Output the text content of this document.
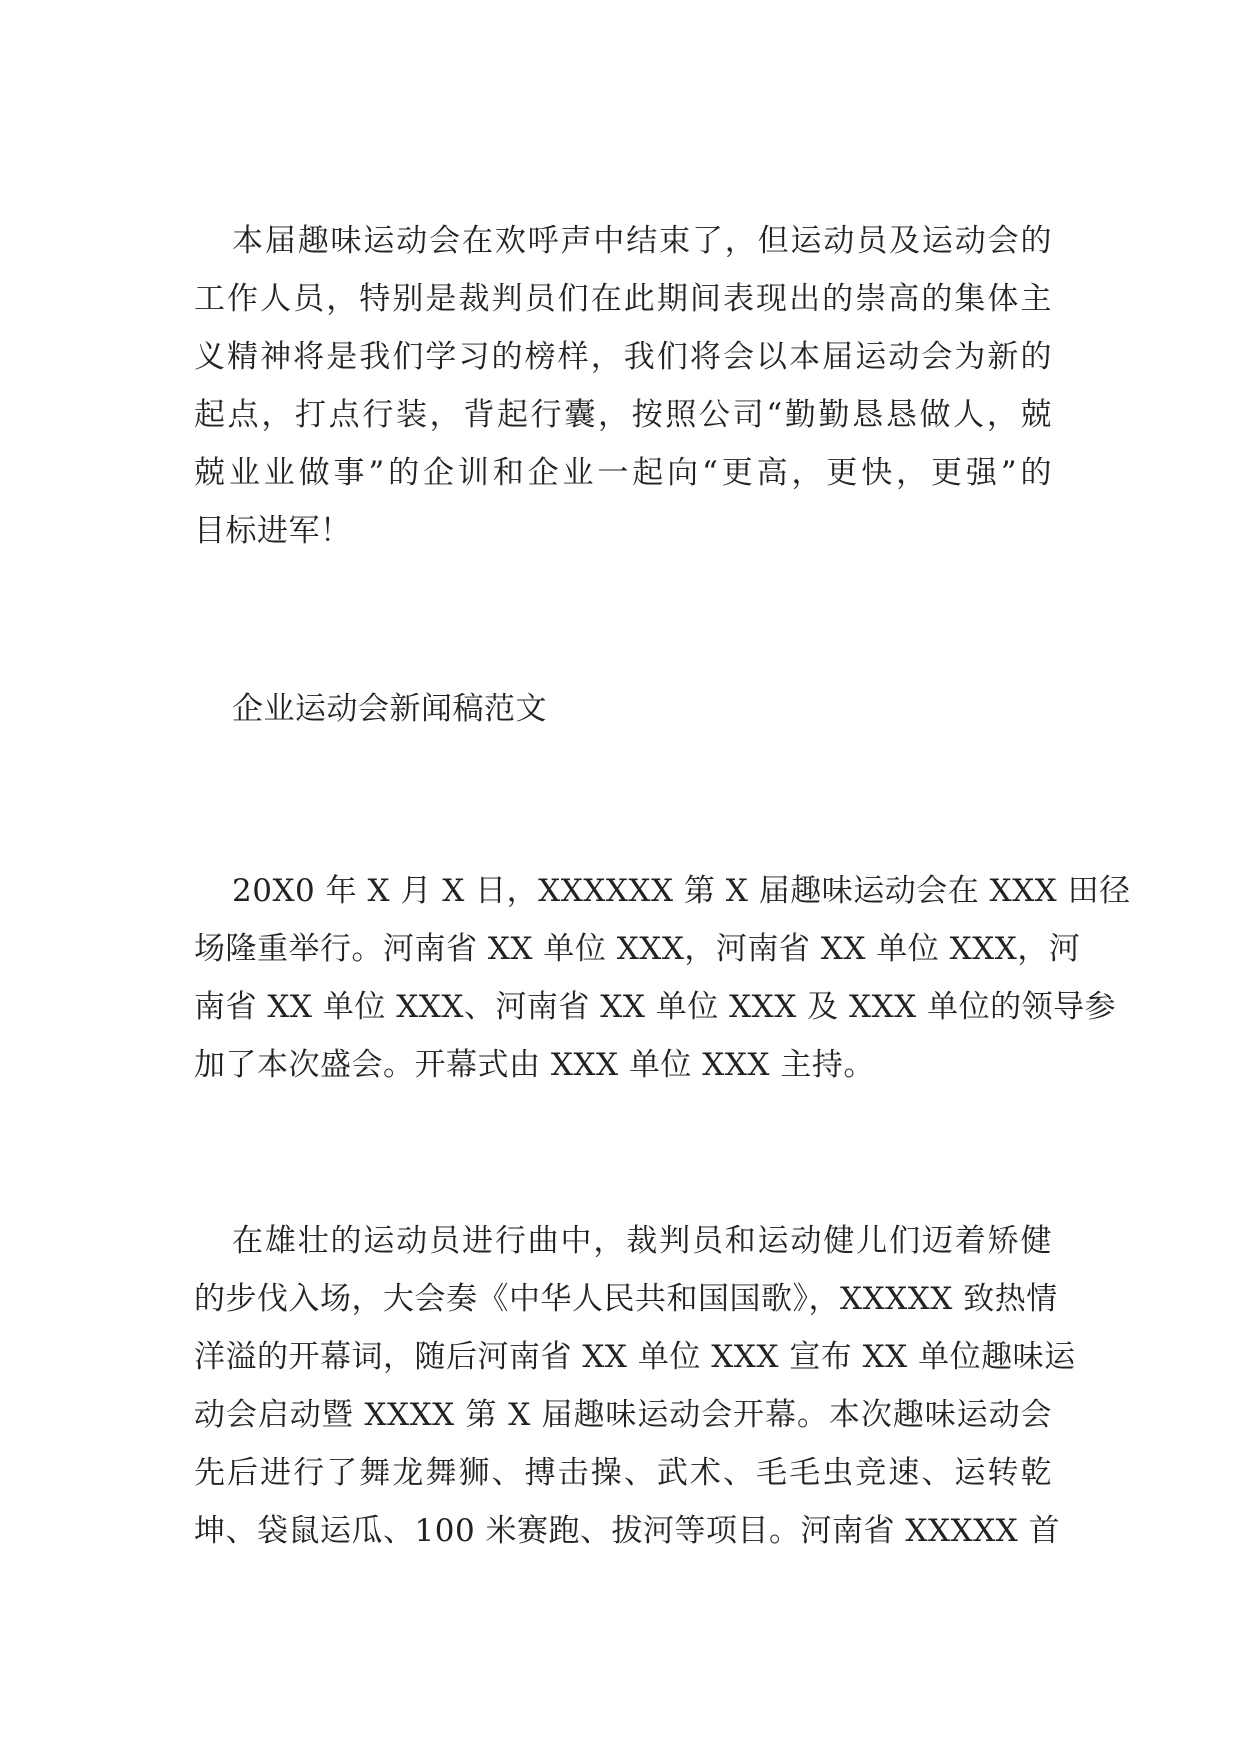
本届趣味运动会在欢呼声中结束了，但运动员及运动会的
工作人员，特别是裁判员们在此期间表现出的崇高的集体主
义精神将是我们学习的榜样，我们将会以本届运动会为新的
起点，打点行装，背起行囊，按照公司“勤勤恳恳做人，兢
兢业业做事”的企训和企业一起向“更高，更快，更强”的
目标进军！
企业运动会新闻稿范文
20X0 年 X 月 X 日，XXXXXX 第 X 届趣味运动会在 XXX 田径
场隆重举行。河南省 XX 单位 XXX，河南省 XX 单位 XXX，河
南省 XX 单位 XXX、河南省 XX 单位 XXX 及 XXX 单位的领导参
加了本次盛会。开幕式由 XXX 单位 XXX 主持。
在雄壮的运动员进行曲中，裁判员和运动健儿们迈着矫健
的步伐入场，大会奏《中华人民共和国国歌》，XXXXX 致热情
洋溢的开幕词，随后河南省 XX 单位 XXX 宣布 XX 单位趣味运
动会启动暨 XXXX 第 X 届趣味运动会开幕。本次趣味运动会
先后进行了舞龙舞狮、搏击操、武术、毛毛虫竞速、运转乾
坤、袋鼠运瓜、100 米赛跑、拔河等项目。河南省 XXXXX 首
